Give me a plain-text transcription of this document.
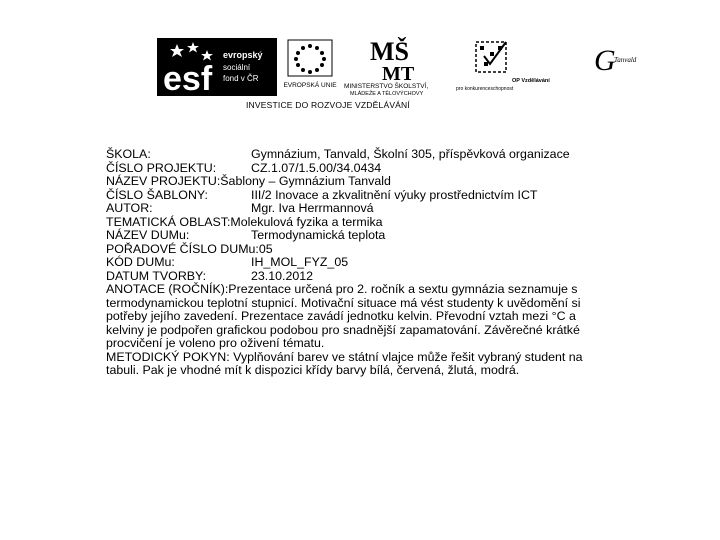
esf
evropský
sociální
fond v ČR
EVROPSKÁ UNIE
MŠ
MT
MINISTERSTVO ŠKOLSTVÍ,
MLÁDEŽE A TĚLOVÝCHOVY
OP Vzdělávání
pro konkurenceschopnost
G
Tanvald
INVESTICE DO ROZVOJE VZDĚLÁVÁNÍ
ŠKOLA:	Gymnázium, Tanvald, Školní 305, příspěvková organizace
ČÍSLO PROJEKTU:	CZ.1.07/1.5.00/34.0434
NÁZEV PROJEKTU:Šablony – Gymnázium Tanvald
ČÍSLO ŠABLONY:	III/2 Inovace a zkvalitnění výuky prostřednictvím ICT
AUTOR:	Mgr. Iva Herrmannová
TEMATICKÁ OBLAST:Molekulová fyzika a termika
NÁZEV DUMu:	Termodynamická teplota
POŘADOVÉ ČÍSLO DUMu:05
KÓD DUMu:	IH_MOL_FYZ_05
DATUM TVORBY:	23.10.2012
ANOTACE (ROČNÍK):Prezentace určená pro 2. ročník a sextu gymnázia seznamuje s termodynamickou teplotní stupnicí. Motivační situace má vést studenty k uvědomění si potřeby jejího zavedení. Prezentace zavádí jednotku kelvin. Převodní vztah mezi °C a kelviny je podpořen grafickou podobou pro snadnější zapamatování. Závěrečné krátké procvičení je voleno pro oživení tématu.
METODICKÝ POKYN: Vyplňování barev ve státní vlajce může řešit vybraný student na tabuli. Pak je vhodné mít k dispozici křídy barvy bílá, červená, žlutá, modrá.
